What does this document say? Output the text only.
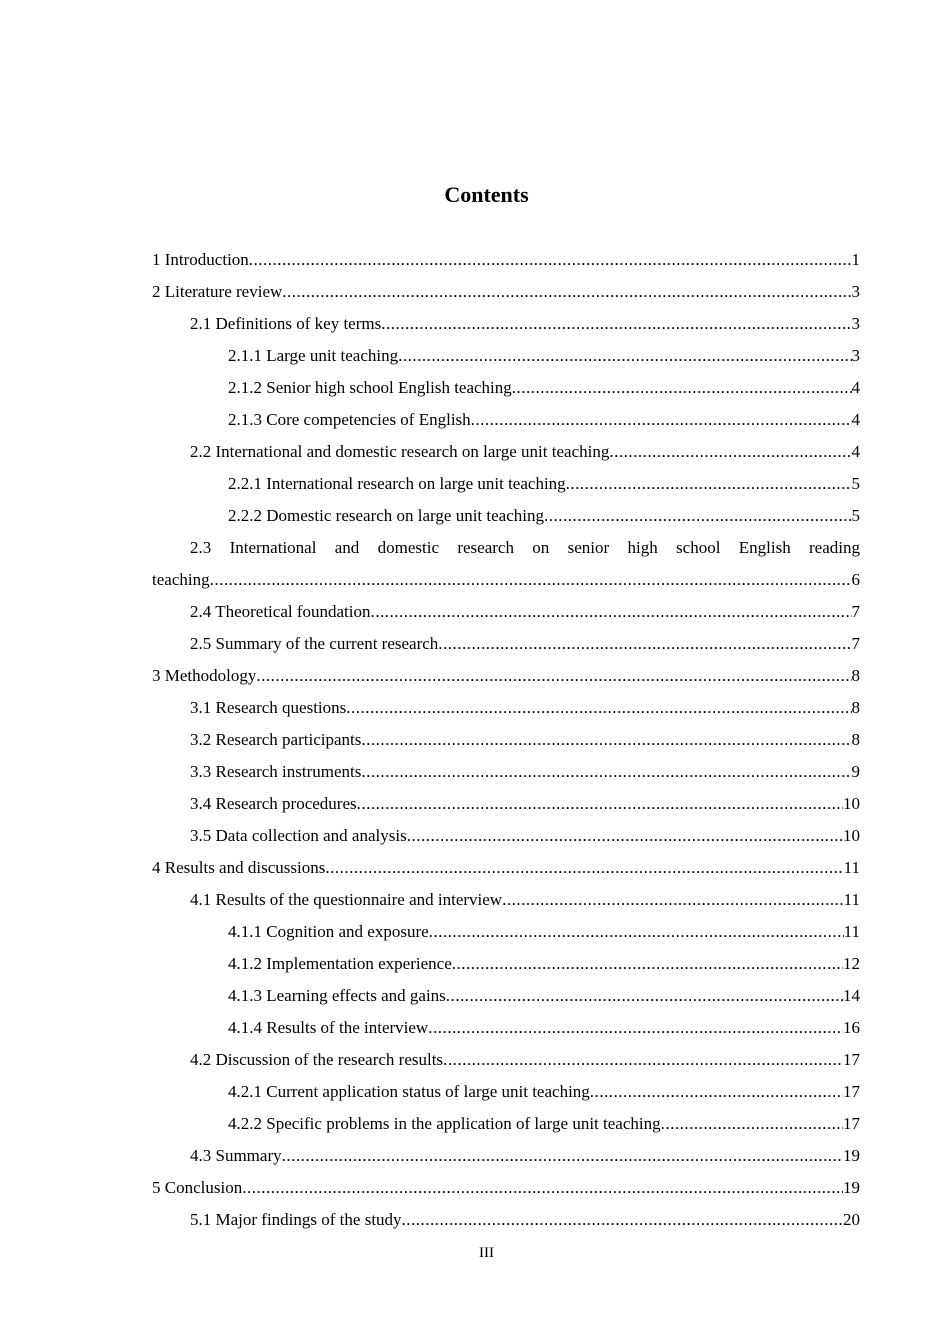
Contents
1 Introduction .....	1
2 Literature review .....	3
2.1 Definitions of key terms .....	3
2.1.1 Large unit teaching .....	3
2.1.2 Senior high school English teaching .....	4
2.1.3 Core competencies of English .....	4
2.2 International and domestic research on large unit teaching .....	4
2.2.1 International research on large unit teaching .....	5
2.2.2 Domestic research on large unit teaching .....	5
2.3 International and domestic research on senior high school English reading
teaching .....	6
2.4 Theoretical foundation .....	7
2.5 Summary of the current research .....	7
3 Methodology .....	8
3.1 Research questions .....	8
3.2 Research participants .....	8
3.3 Research instruments .....	9
3.4 Research procedures .....	10
3.5 Data collection and analysis .....	10
4 Results and discussions .....	11
4.1 Results of the questionnaire and interview .....	11
4.1.1 Cognition and exposure .....	11
4.1.2 Implementation experience .....	12
4.1.3 Learning effects and gains .....	14
4.1.4 Results of the interview .....	16
4.2 Discussion of the research results .....	17
4.2.1 Current application status of large unit teaching .....	17
4.2.2 Specific problems in the application of large unit teaching .....	17
4.3 Summary .....	19
5 Conclusion .....	19
5.1 Major findings of the study .....	20
III
